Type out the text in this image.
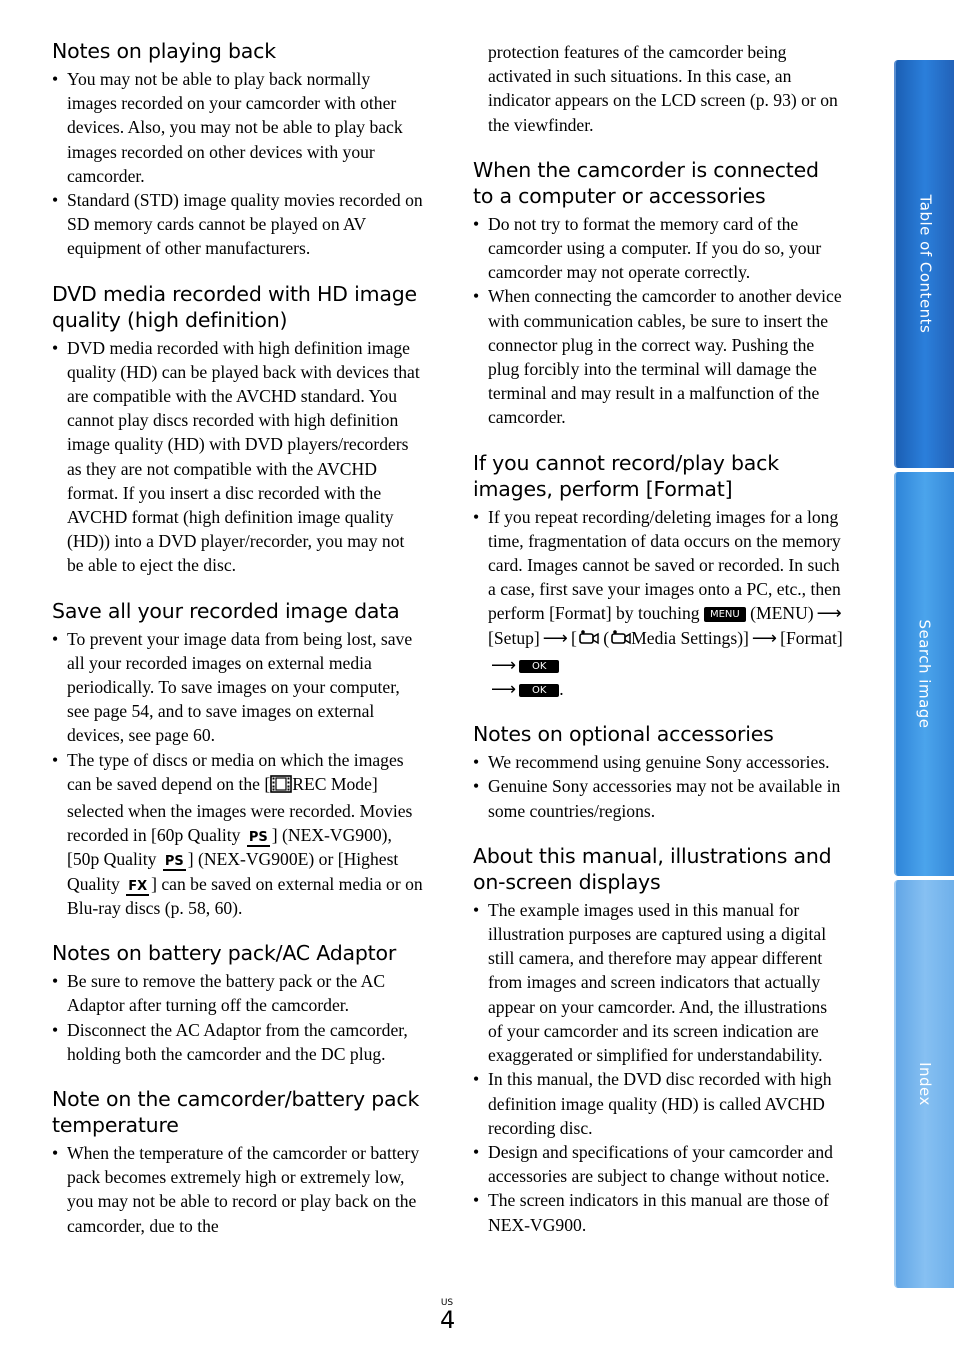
Notes on playing back
• You may not be able to play back normally images recorded on your camcorder with other devices. Also, you may not be able to play back images recorded on other devices with your camcorder.
• Standard (STD) image quality movies recorded on SD memory cards cannot be played on AV equipment of other manufacturers.
DVD media recorded with HD image quality (high definition)
• DVD media recorded with high definition image quality (HD) can be played back with devices that are compatible with the AVCHD standard. You cannot play discs recorded with high definition image quality (HD) with DVD players/recorders as they are not compatible with the AVCHD format. If you insert a disc recorded with the AVCHD format (high definition image quality (HD)) into a DVD player/recorder, you may not be able to eject the disc.
Save all your recorded image data
• To prevent your image data from being lost, save all your recorded images on external media periodically. To save images on your computer, see page 54, and to save images on external devices, see page 60.
• The type of discs or media on which the images can be saved depend on the [ REC Mode] selected when the images were recorded. Movies recorded in [60p Quality PS ] (NEX-VG900), [50p Quality PS ] (NEX-VG900E) or [Highest Quality FX ] can be saved on external media or on Blu-ray discs (p. 58, 60).
Notes on battery pack/AC Adaptor
• Be sure to remove the battery pack or the AC Adaptor after turning off the camcorder.
• Disconnect the AC Adaptor from the camcorder, holding both the camcorder and the DC plug.
Note on the camcorder/battery pack temperature
• When the temperature of the camcorder or battery pack becomes extremely high or extremely low, you may not be able to record or play back on the camcorder, due to the

protection features of the camcorder being activated in such situations. In this case, an indicator appears on the LCD screen (p. 93) or on the viewfinder.

When the camcorder is connected to a computer or accessories
• Do not try to format the memory card of the camcorder using a computer. If you do so, your camcorder may not operate correctly.
• When connecting the camcorder to another device with communication cables, be sure to insert the connector plug in the correct way. Pushing the plug forcibly into the terminal will damage the terminal and may result in a malfunction of the camcorder.
If you cannot record/play back images, perform [Format]
• If you repeat recording/deleting images for a long time, fragmentation of data occurs on the memory card. Images cannot be saved or recorded. In such a case, first save your images onto a PC, etc., then perform [Format] by touching MENU (MENU) ⟶[Setup] ⟶ [ ( Media Settings)] ⟶ [Format]⟶ OK
⟶ OK .
Notes on optional accessories
• We recommend using genuine Sony accessories.
• Genuine Sony accessories may not be available in some countries/regions.
About this manual, illustrations and on-screen displays
• The example images used in this manual for illustration purposes are captured using a digital still camera, and therefore may appear different from images and screen indicators that actually appear on your camcorder. And, the illustrations of your camcorder and its screen indication are exaggerated or simplified for understandability.
• In this manual, the DVD disc recorded with high definition image quality (HD) is called AVCHD recording disc.
• Design and specifications of your camcorder and accessories are subject to change without notice.
• The screen indicators in this manual are those of NEX-VG900.
Table of Contents
Search image
Index
US
4
